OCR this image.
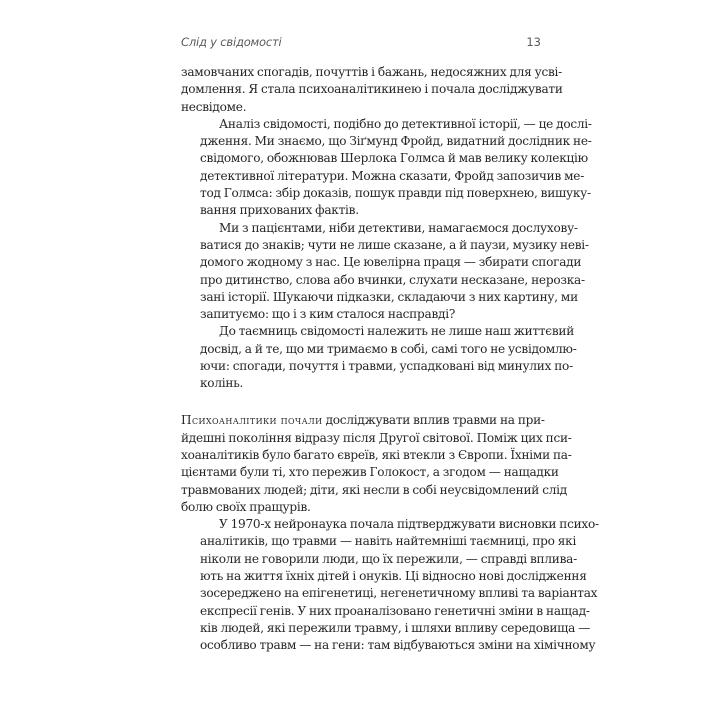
Слід у свідомості	13

замовчаних спогадів, почуттів і бажань, недосяжних для усві-
домлення. Я стала психоаналітикинею і почала досліджувати
несвідоме.

Аналіз свідомості, подібно до детективної історії, — це дослі-
дження. Ми знаємо, що Зіґмунд Фройд, видатний дослідник не-
свідомого, обожнював Шерлока Голмса й мав велику колекцію
детективної літератури. Можна сказати, Фройд запозичив ме-
тод Голмса: збір доказів, пошук правди під поверхнею, вишуку-
вання прихованих фактів.

Ми з пацієнтами, ніби детективи, намагаємося дослухову-
ватися до знаків; чути не лише сказане, а й паузи, музику неві-
домого жодному з нас. Це ювелірна праця — збирати спогади
про дитинство, слова або вчинки, слухати несказане, нерозка-
зані історії. Шукаючи підказки, складаючи з них картину, ми
запитуємо: що і з ким сталося насправді?

До таємниць свідомості належить не лише наш життєвий
досвід, а й те, що ми тримаємо в собі, самі того не усвідомлю-
ючи: спогади, почуття і травми, успадковані від минулих по-
колінь.

Психоаналітики почали досліджувати вплив травми на при-
йдешні покоління відразу після Другої світової. Поміж цих пси-
хоаналітиків було багато євреїв, які втекли з Європи. Їхніми па-
цієнтами були ті, хто пережив Голокост, а згодом — нащадки
травмованих людей; діти, які несли в собі неусвідомлений слід
болю своїх пращурів.

У 1970-х нейронаука почала підтверджувати висновки психо-
аналітиків, що травми — навіть найтемніші таємниці, про які
ніколи не говорили люди, що їх пережили, — справді вплива-
ють на життя їхніх дітей і онуків. Ці відносно нові дослідження
зосереджено на епігенетиці, негенетичному впливі та варіантах
експресії генів. У них проаналізовано генетичні зміни в нащад-
ків людей, які пережили травму, і шляхи впливу середовища —
особливо травм — на гени: там відбуваються зміни на хімічному
